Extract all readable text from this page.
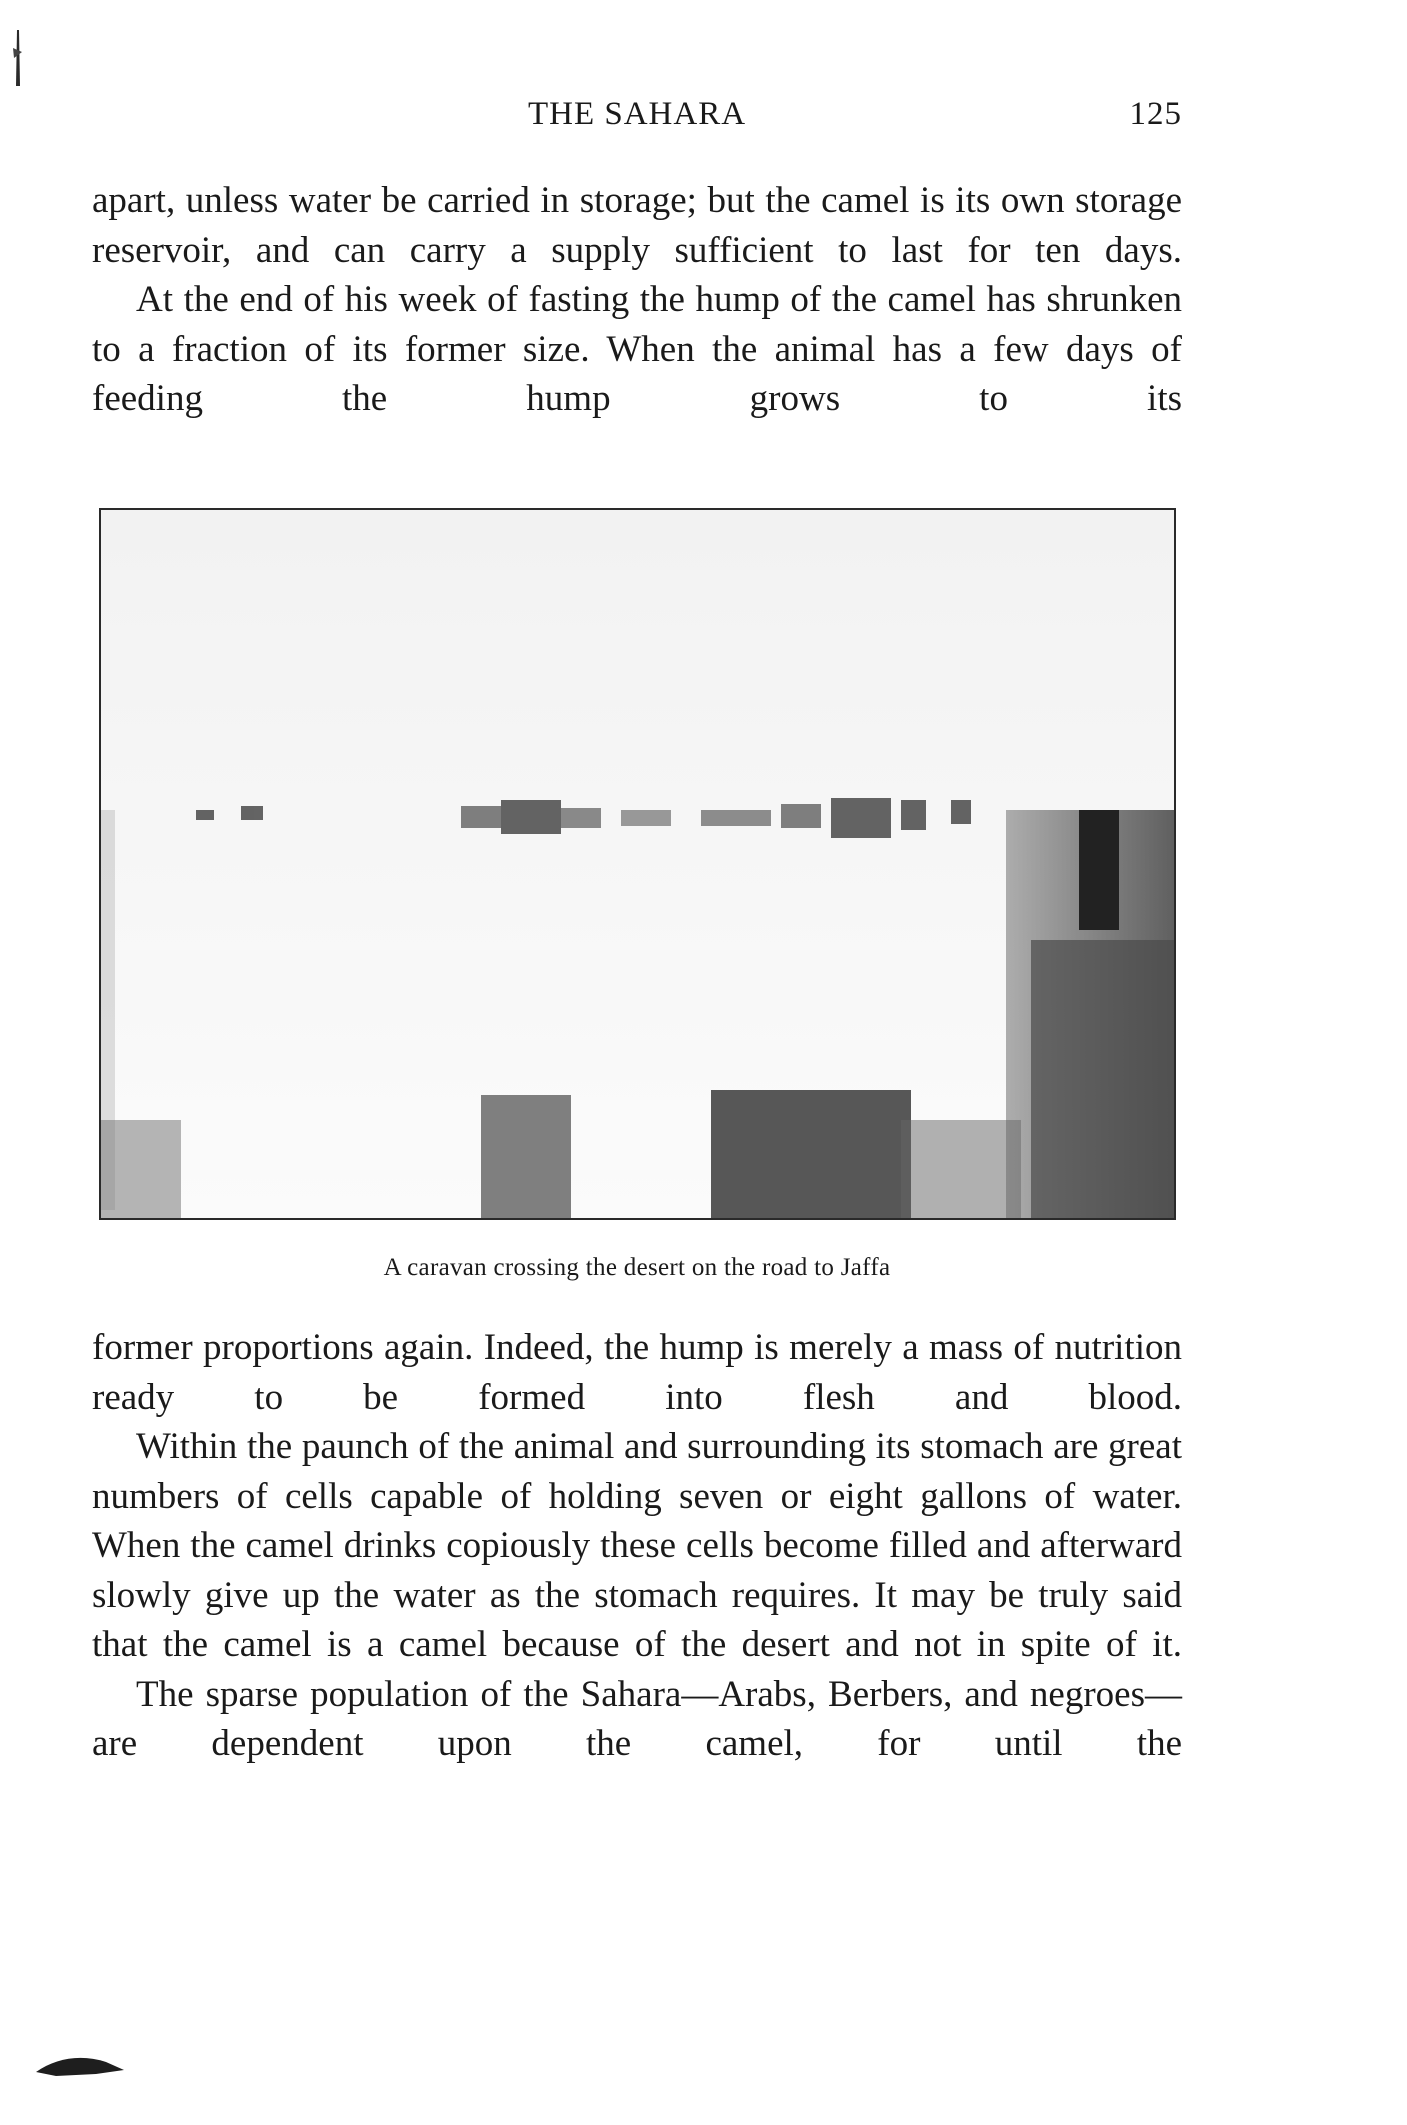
THE SAHARA	125

apart, unless water be carried in storage; but the camel is its own storage reservoir, and can carry a supply sufficient to last for ten days.

At the end of his week of fasting the hump of the camel has shrunken to a fraction of its former size. When the animal has a few days of feeding the hump grows to its

A caravan crossing the desert on the road to Jaffa

former proportions again. Indeed, the hump is merely a mass of nutrition ready to be formed into flesh and blood.

Within the paunch of the animal and surrounding its stomach are great numbers of cells capable of holding seven or eight gallons of water. When the camel drinks copiously these cells become filled and afterward slowly give up the water as the stomach requires. It may be truly said that the camel is a camel because of the desert and not in spite of it.

The sparse population of the Sahara—Arabs, Berbers, and negroes—are dependent upon the camel, for until the
